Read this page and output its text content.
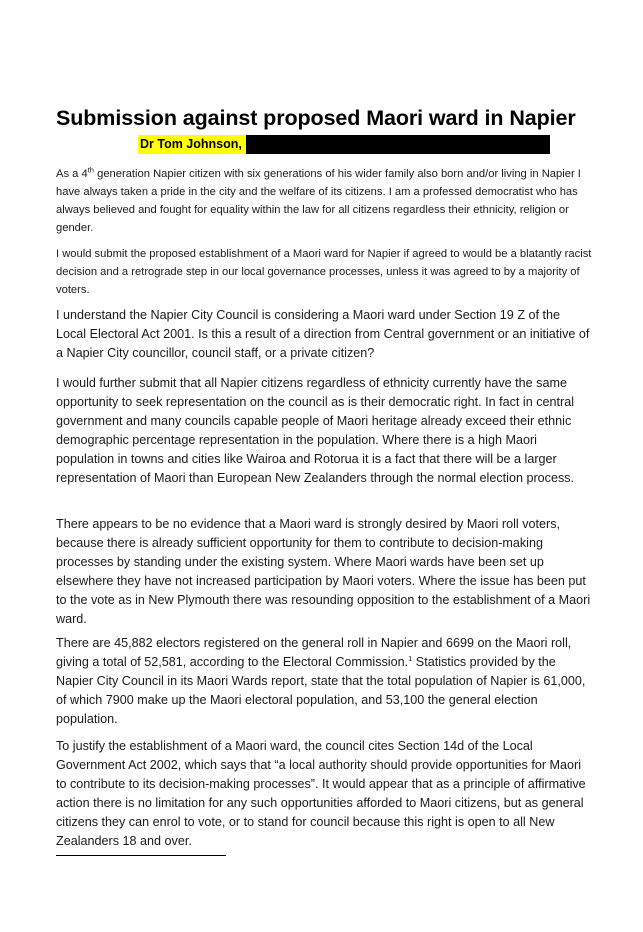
Submission against proposed Maori ward in Napier
Dr Tom Johnson,

As a 4th generation Napier citizen with six generations of his wider family also born and/or living in Napier I have always taken a pride in the city and the welfare of its citizens. I am a professed democratist who has always believed and fought for equality within the law for all citizens regardless their ethnicity, religion or gender.

I would submit the proposed establishment of a Maori ward for Napier if agreed to would be a blatantly racist decision and a retrograde step in our local governance processes, unless it was agreed to by a majority of voters.

I understand the Napier City Council is considering a Maori ward under Section 19 Z of the Local Electoral Act 2001. Is this a result of a direction from Central government or an initiative of a Napier City councillor, council staff, or a private citizen?

I would further submit that all Napier citizens regardless of ethnicity currently have the same opportunity to seek representation on the council as is their democratic right. In fact in central government and many councils capable people of Maori heritage already exceed their ethnic demographic percentage representation in the population. Where there is a high Maori population in towns and cities like Wairoa and Rotorua it is a fact that there will be a larger representation of Maori than European New Zealanders through the normal election process.

There appears to be no evidence that a Maori ward is strongly desired by Maori roll voters, because there is already sufficient opportunity for them to contribute to decision-making processes by standing under the existing system. Where Maori wards have been set up elsewhere they have not increased participation by Maori voters. Where the issue has been put to the vote as in New Plymouth there was resounding opposition to the establishment of a Maori ward.

There are 45,882 electors registered on the general roll in Napier and 6699 on the Maori roll, giving a total of 52,581, according to the Electoral Commission.$^1$ Statistics provided by the Napier City Council in its Maori Wards report, state that the total population of Napier is 61,000, of which 7900 make up the Maori electoral population, and 53,100 the general election population.

To justify the establishment of a Maori ward, the council cites Section 14d of the Local Government Act 2002, which says that “a local authority should provide opportunities for Maori to contribute to its decision-making processes”. It would appear that as a principle of affirmative action there is no limitation for any such opportunities afforded to Maori citizens, but as general citizens they can enrol to vote, or to stand for council because this right is open to all New Zealanders 18 and over.
